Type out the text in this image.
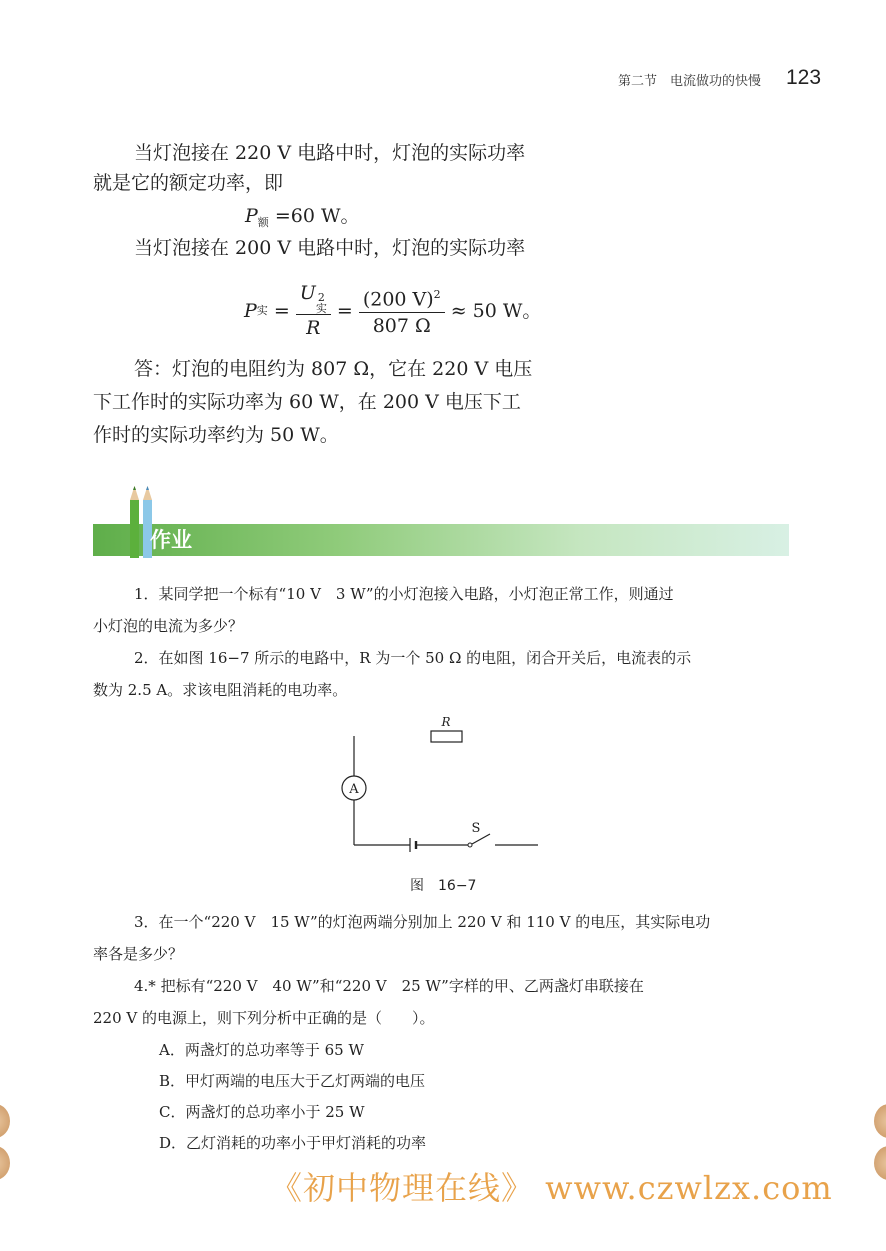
第二节　电流做功的快慢 123
当灯泡接在 220 V 电路中时，灯泡的实际功率
就是它的额定功率，即
$P_额 =60$ W。
当灯泡接在 200 V 电路中时，灯泡的实际功率
P 实 = U 2
实
$R = \frac{(200 V)^2}{807 \Omega} \approx 50$ W。
答：灯泡的电阻约为 807 Ω，它在 220 V 电压
下工作时的实际功率为 60 W，在 200 V 电压下工
作时的实际功率约为 50 W。
作业
1．某同学把一个标有“10 V　3 W”的小灯泡接入电路，小灯泡正常工作，则通过
小灯泡的电流为多少？
2．在如图 16−7 所示的电路中，R 为一个 50 Ω 的电阻，闭合开关后，电流表的示
数为 2.5 A。求该电阻消耗的电功率。
A
S
R
图　16−7
3．在一个“220 V　15 W”的灯泡两端分别加上 220 V 和 110 V 的电压，其实际电功
率各是多少？
4.* 把标有“220 V　40 W”和“220 V　25 W”字样的甲、乙两盏灯串联接在
220 V 的电源上，则下列分析中正确的是（　　）。
A．两盏灯的总功率等于 65 W
B．甲灯两端的电压大于乙灯两端的电压
C．两盏灯的总功率小于 25 W
D．乙灯消耗的功率小于甲灯消耗的功率
《初中物理在线》 www.czwlzx.com
